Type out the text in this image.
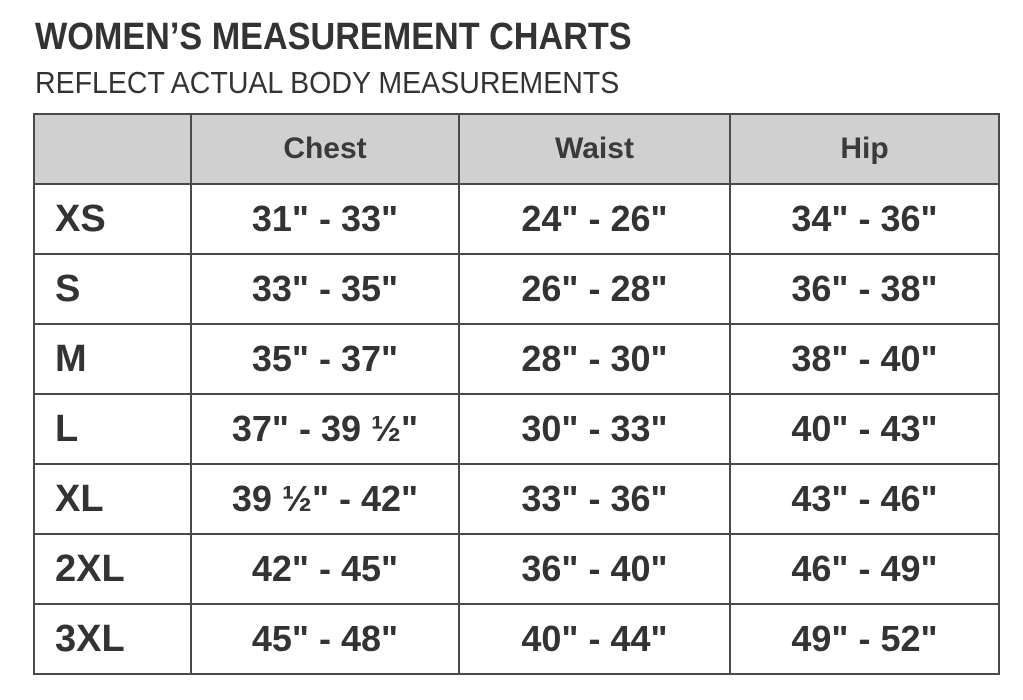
WOMEN’S MEASUREMENT CHARTS
REFLECT ACTUAL BODY MEASUREMENTS
	Chest	Waist	Hip
XS	31" - 33"	24" - 26"	34" - 36"
S	33" - 35"	26" - 28"	36" - 38"
M	35" - 37"	28" - 30"	38" - 40"
L	37" - 39 ½"	30" - 33"	40" - 43"
XL	39 ½" - 42"	33" - 36"	43" - 46"
2XL	42" - 45"	36" - 40"	46" - 49"
3XL	45" - 48"	40" - 44"	49" - 52"
